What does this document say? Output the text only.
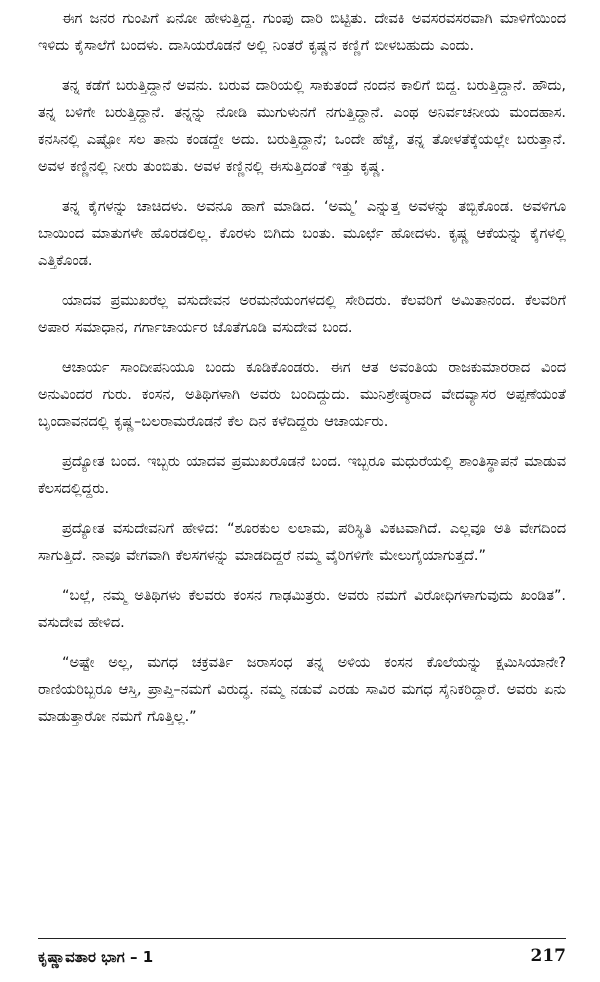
ಈಗ ಜನರ ಗುಂಪಿಗೆ ಏನೋ ಹೇಳುತ್ತಿದ್ದ. ಗುಂಪು ದಾರಿ ಬಿಟ್ಟಿತು. ದೇವಕಿ ಅವಸರವಸರವಾಗಿ ಮಾಳಿಗೆಯಿಂದ ಇಳಿದು ಕೈಸಾಲೆಗೆ ಬಂದಳು. ದಾಸಿಯರೊಡನೆ ಅಲ್ಲಿ ನಿಂತರೆ ಕೃಷ್ಣನ ಕಣ್ಣಿಗೆ ಬೀಳಬಹುದು ಎಂದು.

ತನ್ನ ಕಡೆಗೆ ಬರುತ್ತಿದ್ದಾನೆ ಅವನು. ಬರುವ ದಾರಿಯಲ್ಲಿ ಸಾಕುತಂದೆ ನಂದನ ಕಾಲಿಗೆ ಬಿದ್ದ. ಬರುತ್ತಿದ್ದಾನೆ. ಹೌದು, ತನ್ನ ಬಳಿಗೇ ಬರುತ್ತಿದ್ದಾನೆ. ತನ್ನನ್ನು ನೋಡಿ ಮುಗುಳುನಗೆ ನಗುತ್ತಿದ್ದಾನೆ. ಎಂಥ ಅನಿರ್ವಚನೀಯ ಮಂದಹಾಸ. ಕನಸಿನಲ್ಲಿ ಎಷ್ಟೋ ಸಲ ತಾನು ಕಂಡದ್ದೇ ಅದು. ಬರುತ್ತಿದ್ದಾನೆ; ಒಂದೇ ಹೆಜ್ಜೆ, ತನ್ನ ತೋಳತೆಕ್ಕೆಯಲ್ಲೇ ಬರುತ್ತಾನೆ. ಅವಳ ಕಣ್ಣಿನಲ್ಲಿ ನೀರು ತುಂಬಿತು. ಅವಳ ಕಣ್ಣಿನಲ್ಲಿ ಈಸುತ್ತಿದಂತೆ ಇತ್ತು ಕೃಷ್ಣ.

ತನ್ನ ಕೈಗಳನ್ನು ಚಾಚಿದಳು. ಅವನೂ ಹಾಗೆ ಮಾಡಿದ. ‘ಅಮ್ಮ’ ಎನ್ನುತ್ತ ಅವಳನ್ನು ತಬ್ಬಿಕೊಂಡ. ಅವಳಿಗೂ ಬಾಯಿಂದ ಮಾತುಗಳೇ ಹೊರಡಲಿಲ್ಲ. ಕೊರಳು ಬಿಗಿದು ಬಂತು. ಮೂರ್ಛೆ ಹೋದಳು. ಕೃಷ್ಣ ಆಕೆಯನ್ನು ಕೈಗಳಲ್ಲಿ ಎತ್ತಿಕೊಂಡ.

ಯಾದವ ಪ್ರಮುಖರೆಲ್ಲ ವಸುದೇವನ ಅರಮನೆಯಂಗಳದಲ್ಲಿ ಸೇರಿದರು. ಕೆಲವರಿಗೆ ಅಮಿತಾನಂದ. ಕೆಲವರಿಗೆ ಅಪಾರ ಸಮಾಧಾನ, ಗರ್ಗಾಚಾರ್ಯರ ಜೊತೆಗೂಡಿ ವಸುದೇವ ಬಂದ.

ಆಚಾರ್ಯ ಸಾಂದೀಪನಿಯೂ ಬಂದು ಕೂಡಿಕೊಂಡರು. ಈಗ ಆತ ಅವಂತಿಯ ರಾಜಕುಮಾರರಾದ ವಿಂದ ಅನುವಿಂದರ ಗುರು. ಕಂಸನ, ಅತಿಥಿಗಳಾಗಿ ಅವರು ಬಂದಿದ್ದುದು. ಮುನಿಶ್ರೇಷ್ಠರಾದ ವೇದವ್ಯಾಸರ ಅಪ್ಪಣೆಯಂತೆ ಬೃಂದಾವನದಲ್ಲಿ ಕೃಷ್ಣ–ಬಲರಾಮರೊಡನೆ ಕೆಲ ದಿನ ಕಳೆದಿದ್ದರು ಆಚಾರ್ಯರು.

ಪ್ರದ್ಯೋತ ಬಂದ. ಇಬ್ಬರು ಯಾದವ ಪ್ರಮುಖರೊಡನೆ ಬಂದ. ಇಬ್ಬರೂ ಮಧುರೆಯಲ್ಲಿ ಶಾಂತಿಸ್ಥಾಪನೆ ಮಾಡುವ ಕೆಲಸದಲ್ಲಿದ್ದರು.

ಪ್ರದ್ಯೋತ ವಸುದೇವನಿಗೆ ಹೇಳಿದ: “ಶೂರಕುಲ ಲಲಾಮ, ಪರಿಸ್ಥಿತಿ ವಿಕಟವಾಗಿದೆ. ಎಲ್ಲವೂ ಅತಿ ವೇಗದಿಂದ ಸಾಗುತ್ತಿದೆ. ನಾವೂ ವೇಗವಾಗಿ ಕೆಲಸಗಳನ್ನು ಮಾಡದಿದ್ದರೆ ನಮ್ಮ ವೈರಿಗಳಿಗೇ ಮೇಲುಗೈಯಾಗುತ್ತದೆ.”

“ಬಲ್ಲೆ, ನಮ್ಮ ಅತಿಥಿಗಳು ಕೆಲವರು ಕಂಸನ ಗಾಢಮಿತ್ರರು. ಅವರು ನಮಗೆ ವಿರೋಧಿಗಳಾಗುವುದು ಖಂಡಿತ”. ವಸುದೇವ ಹೇಳಿದ.

“ಅಷ್ಟೇ ಅಲ್ಲ, ಮಗಧ ಚಕ್ರವರ್ತಿ ಜರಾಸಂಧ ತನ್ನ ಅಳಿಯ ಕಂಸನ ಕೊಲೆಯನ್ನು ಕ್ಷಮಿಸಿಯಾನೇ? ರಾಣಿಯರಿಬ್ಬರೂ ಆಸ್ತಿ, ಪ್ರಾಪ್ತಿ–ನಮಗೆ ವಿರುದ್ಧ. ನಮ್ಮ ನಡುವೆ ಎರಡು ಸಾವಿರ ಮಗಧ ಸೈನಿಕರಿದ್ದಾರೆ. ಅವರು ಏನು ಮಾಡುತ್ತಾರೋ ನಮಗೆ ಗೊತ್ತಿಲ್ಲ.”

ಕೃಷ್ಣಾವತಾರ ಭಾಗ – 1	217
